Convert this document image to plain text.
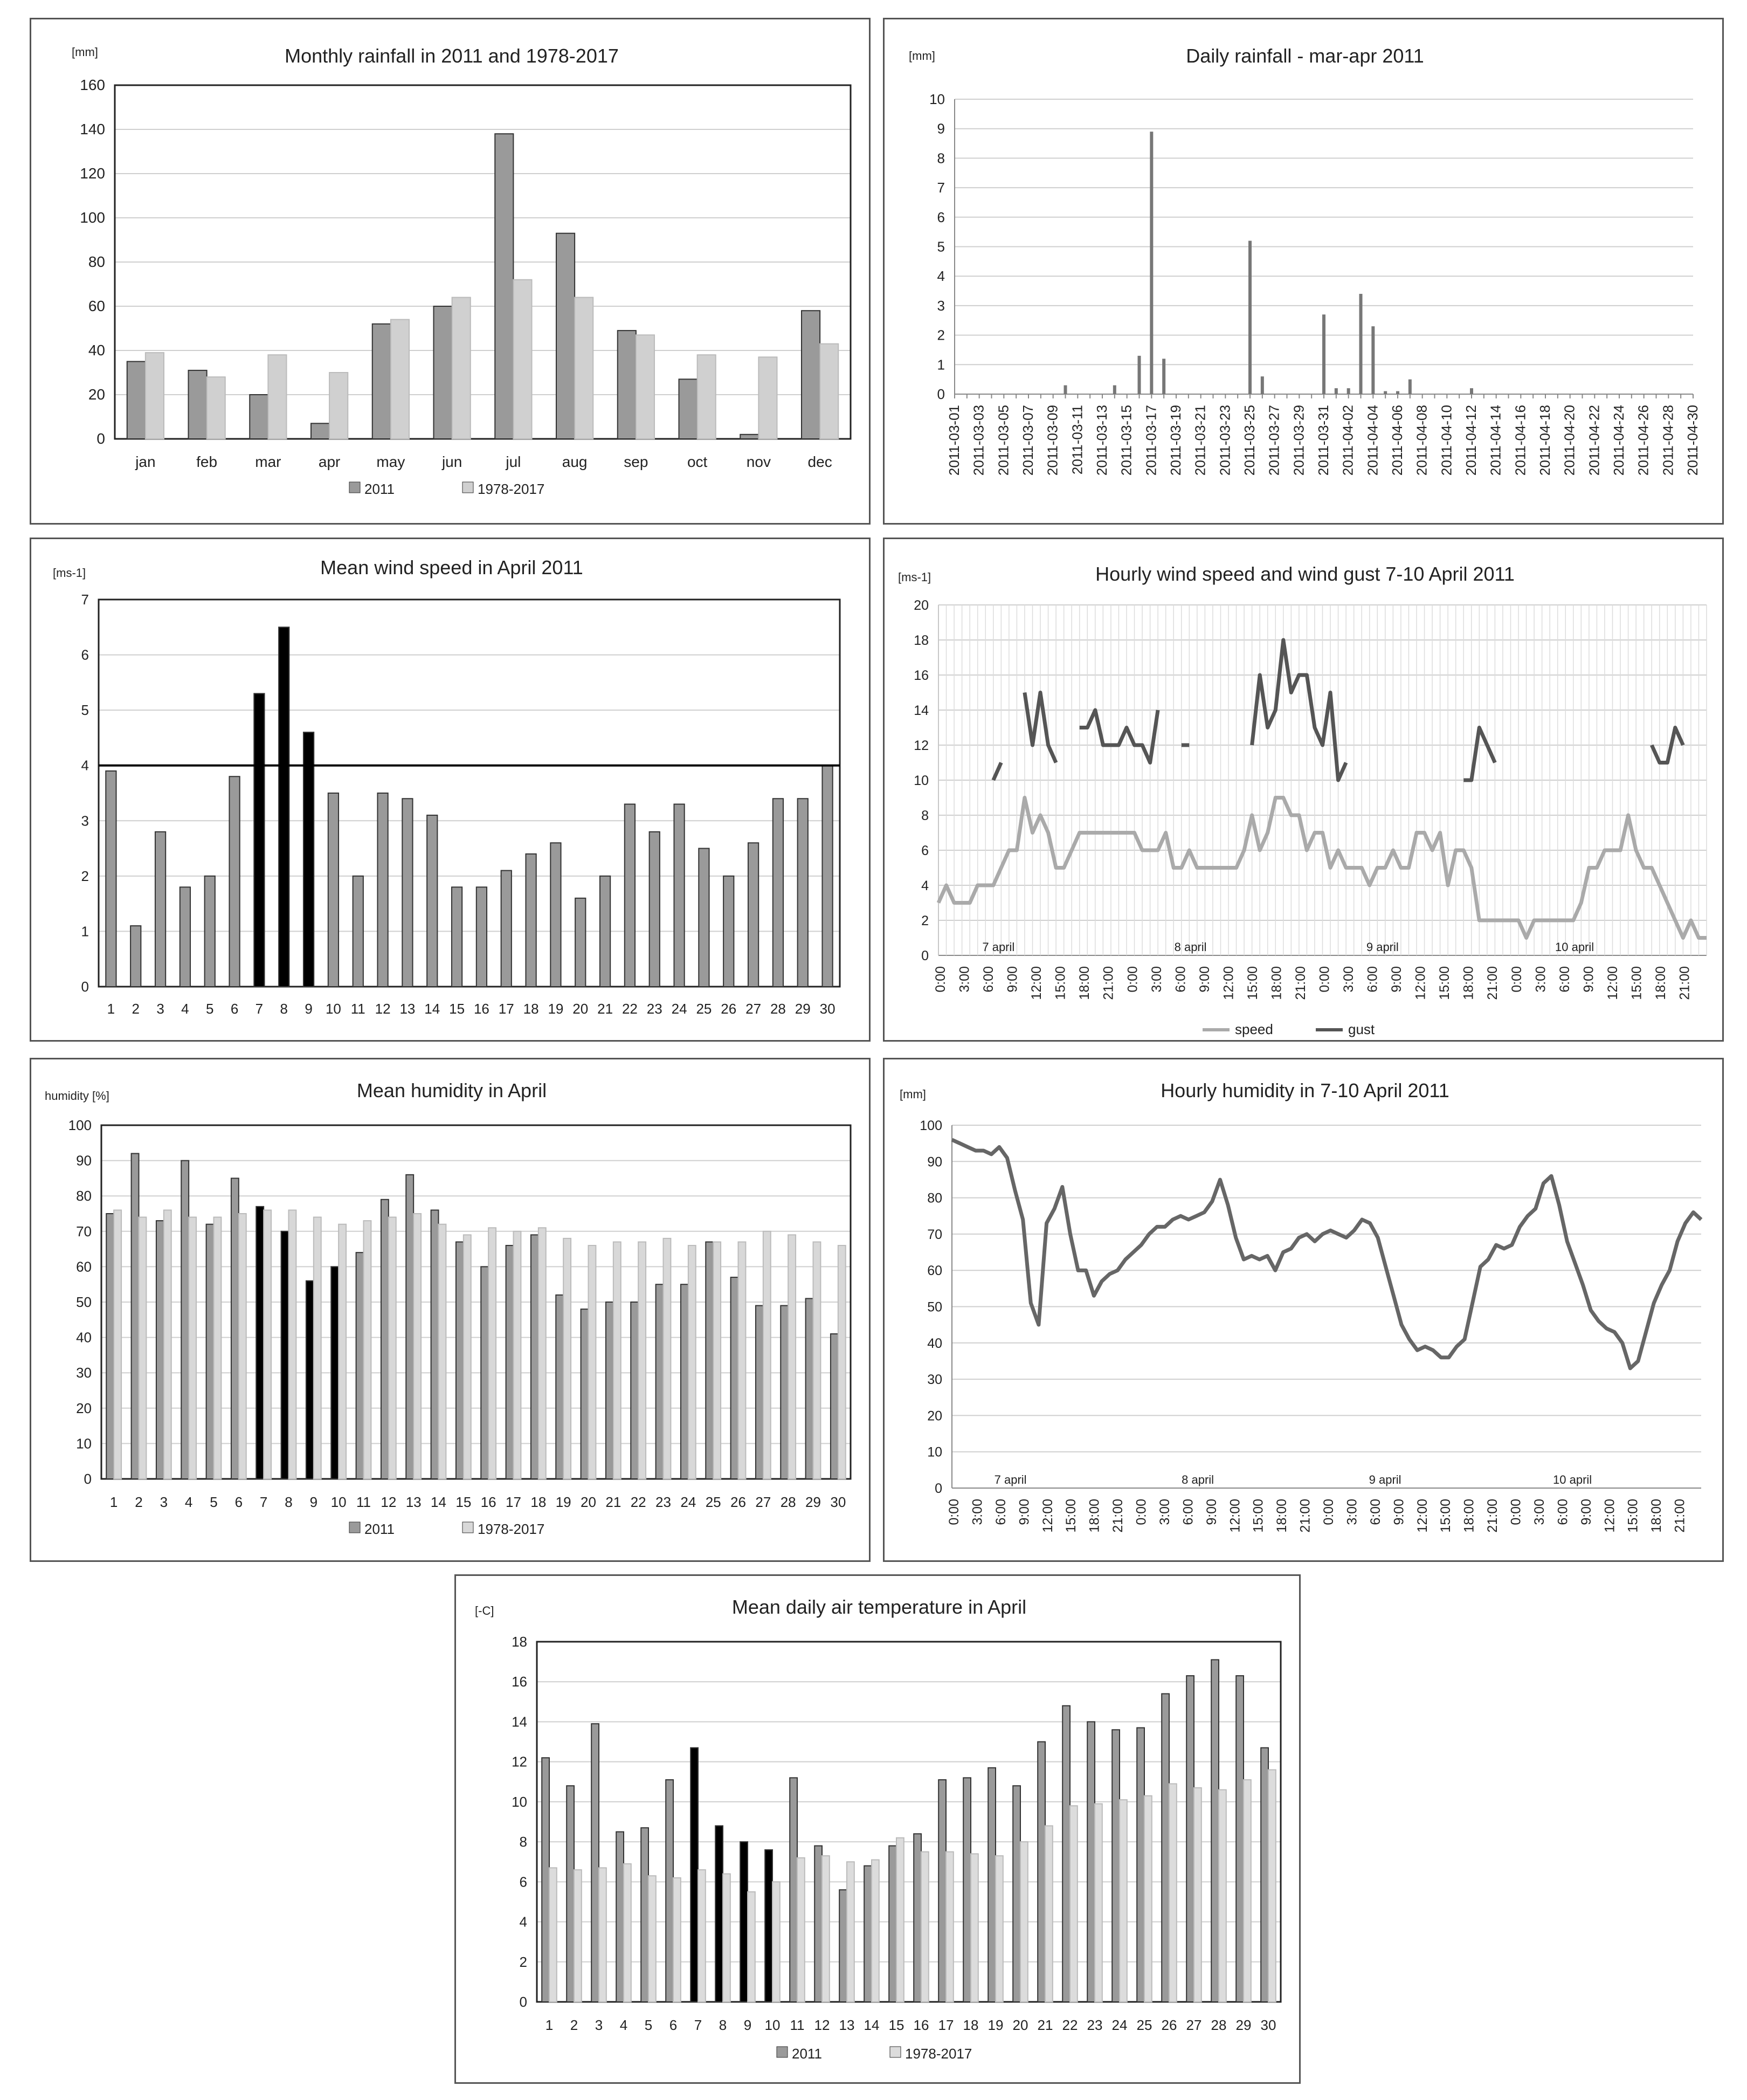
Monthly rainfall in 2011 and 1978-2017
[mm]
0
20
40
60
80
100
120
140
160
jan	feb	mar apr may jun	jul	aug sep	oct	nov dec
2011	1978-2017
Daily rainfall - mar-apr 2011
[mm]
0
1
2
3
4
5
6
7
8
9
10
2011-03-01 2011-03-03 2011-03-05 2011-03-07 2011-03-09 2011-03-11 2011-03-13 2011-03-15 2011-03-17 2011-03-19 2011-03-21 2011-03-23 2011-03-25 2011-03-27 2011-03-29 2011-03-31 2011-04-02 2011-04-04 2011-04-06 2011-04-08 2011-04-10 2011-04-12 2011-04-14 2011-04-16 2011-04-18 2011-04-20 2011-04-22 2011-04-24 2011-04-26 2011-04-28 2011-04-30
Mean wind speed in April 2011
[ms-1]
0
1
2
3
4
5
6
7
1 2 3 4 5 6 7 8 9 10 11 12 13 14 15 16 17 18 19 20 21 22 23 24 25 26 27 28 29 30
Hourly wind speed and wind gust 7-10 April 2011
[ms-1]
0
2
4
6
8
10
12
14
16
18
20
0:00 3:00 6:00 9:00 12:00 15:00 18:00 21:00 0:00 3:00 6:00 9:00 12:00 15:00 18:00 21:00 0:00 3:00 6:00 9:00 12:00 15:00 18:00 21:00 0:00 3:00 6:00 9:00 12:00 15:00 18:00 21:00
7 april	8 april	9 april	10 april
speed	gust
Mean humidity in April
humidity [%]
0
10
20
30
40
50
60
70
80
90
100
1 2 3 4 5 6 7 8 9 10 11 12 13 14 15 16 17 18 19 20 21 22 23 24 25 26 27 28 29 30
2011	1978-2017
Hourly humidity in 7-10 April 2011
[mm]
0
10
20
30
40
50
60
70
80
90
100
0:00 3:00 6:00 9:00 12:00 15:00 18:00 21:00 0:00 3:00 6:00 9:00 12:00 15:00 18:00 21:00 0:00 3:00 6:00 9:00 12:00 15:00 18:00 21:00 0:00 3:00 6:00 9:00 12:00 15:00 18:00 21:00
7 april	8 april	9 april	10 april
Mean daily air temperature in April
[-C]
0
2
4
6
8
10
12
14
16
18
1 2 3 4 5 6 7 8 9 10 11 12 13 14 15 16 17 18 19 20 21 22 23 24 25 26 27 28 29 30
2011	1978-2017
